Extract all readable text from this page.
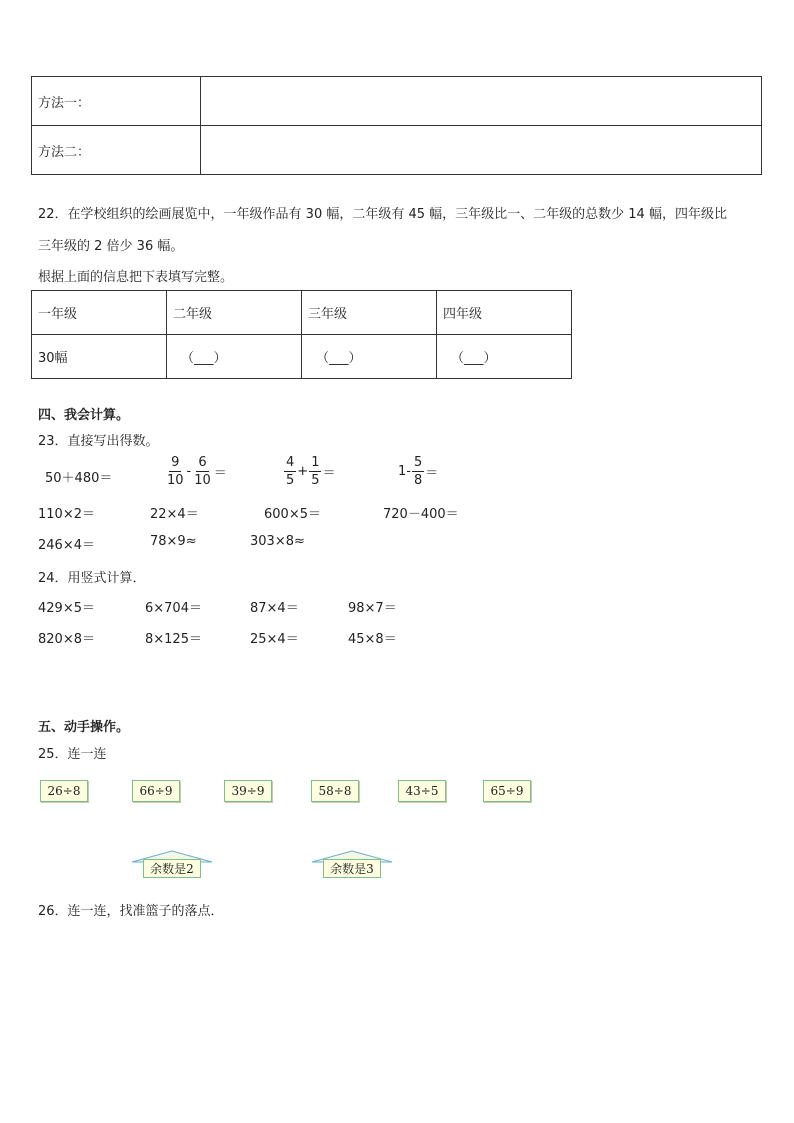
方法一：	
方法二：	
22．在学校组织的绘画展览中，一年级作品有 30 幅，二年级有 45 幅，三年级比一、二年级的总数少 14 幅，四年级比
三年级的 2 倍少 36 幅。
根据上面的信息把下表填写完整。
一年级	二年级	三年级	四年级
30幅	（___）	（___）	（___）
四、我会计算。
23．直接写出得数。
50＋480＝	$\frac{9}{10} - \frac{6}{10}$ ＝	$\frac{4}{5} + \frac{1}{5}$ ＝	$1- \frac{5}{8}$ ＝
110×2＝	22×4＝	600×5＝	720－400＝
246×4＝	78×9≈	303×8≈
24．用竖式计算．
429×5＝	6×704＝	87×4＝	98×7＝
820×8＝	8×125＝	25×4＝	45×8＝
五、动手操作。
25．连一连
26÷8	66÷9	39÷9	58÷8	43÷5	65÷9
余数是2	余数是3
26．连一连，找准篮子的落点．
